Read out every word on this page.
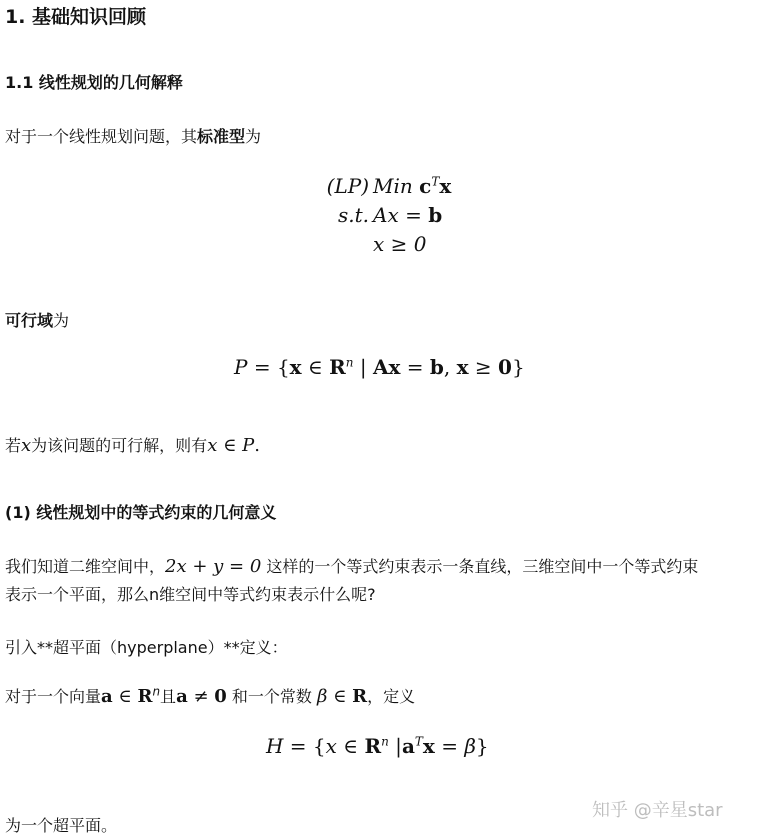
1. 基础知识回顾
1.1 线性规划的几何解释
对于一个线性规划问题，其标准型为
(LP) Min $c^Tx$
s.t. Ax = b
x ≥ 0
可行域为
P = {x ∈ $R^n$ | Ax = b, x ≥ 0}
若x为该问题的可行解，则有x ∈ P.
(1) 线性规划中的等式约束的几何意义
我们知道二维空间中，2x + y = 0 这样的一个等式约束表示一条直线，三维空间中一个等式约束
表示一个平面，那么n维空间中等式约束表示什么呢?
引入**超平面（hyperplane）**定义：
对于一个向量a ∈ $R^n$且a ≠ 0 和一个常数 β ∈ R，定义
H = {x ∈ $R^n$ $|a^Tx = \beta$}
为一个超平面。
知乎 @辛星star
